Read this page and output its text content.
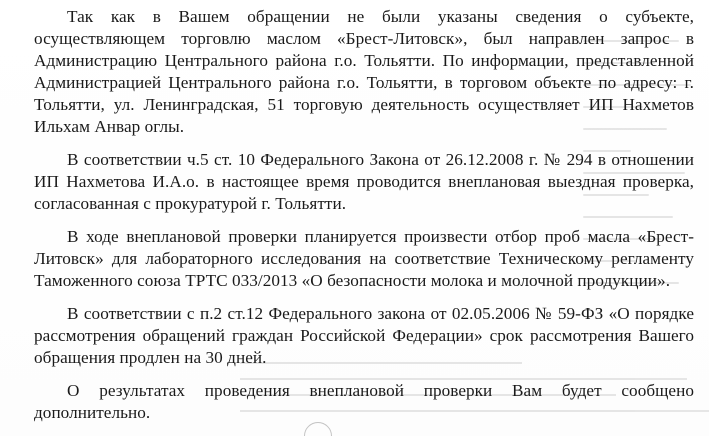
Так как в Вашем обращении не были указаны сведения о субъекте, осуществляющем торговлю маслом «Брест-Литовск», был направлен запрос в Администрацию Центрального района г.о. Тольятти. По информации, представленной Администрацией Центрального района г.о. Тольятти, в торговом объекте по адресу: г. Тольятти, ул. Ленинградская, 51 торговую деятельность осуществляет ИП Нахметов Ильхам Анвар оглы.

В соответствии ч.5 ст. 10 Федерального Закона от 26.12.2008 г. № 294 в отношении ИП Нахметова И.А.о. в настоящее время проводится внеплановая выездная проверка, согласованная с прокуратурой г. Тольятти.

В ходе внеплановой проверки планируется произвести отбор проб масла «Брест-Литовск» для лабораторного исследования на соответствие Техническому регламенту Таможенного союза ТРТС 033/2013 «О безопасности молока и молочной продукции».

В соответствии с п.2 ст.12 Федерального закона от 02.05.2006 № 59-ФЗ «О порядке рассмотрения обращений граждан Российской Федерации» срок рассмотрения Вашего обращения продлен на 30 дней.

О результатах проведения внеплановой проверки Вам будет сообщено дополнительно.
